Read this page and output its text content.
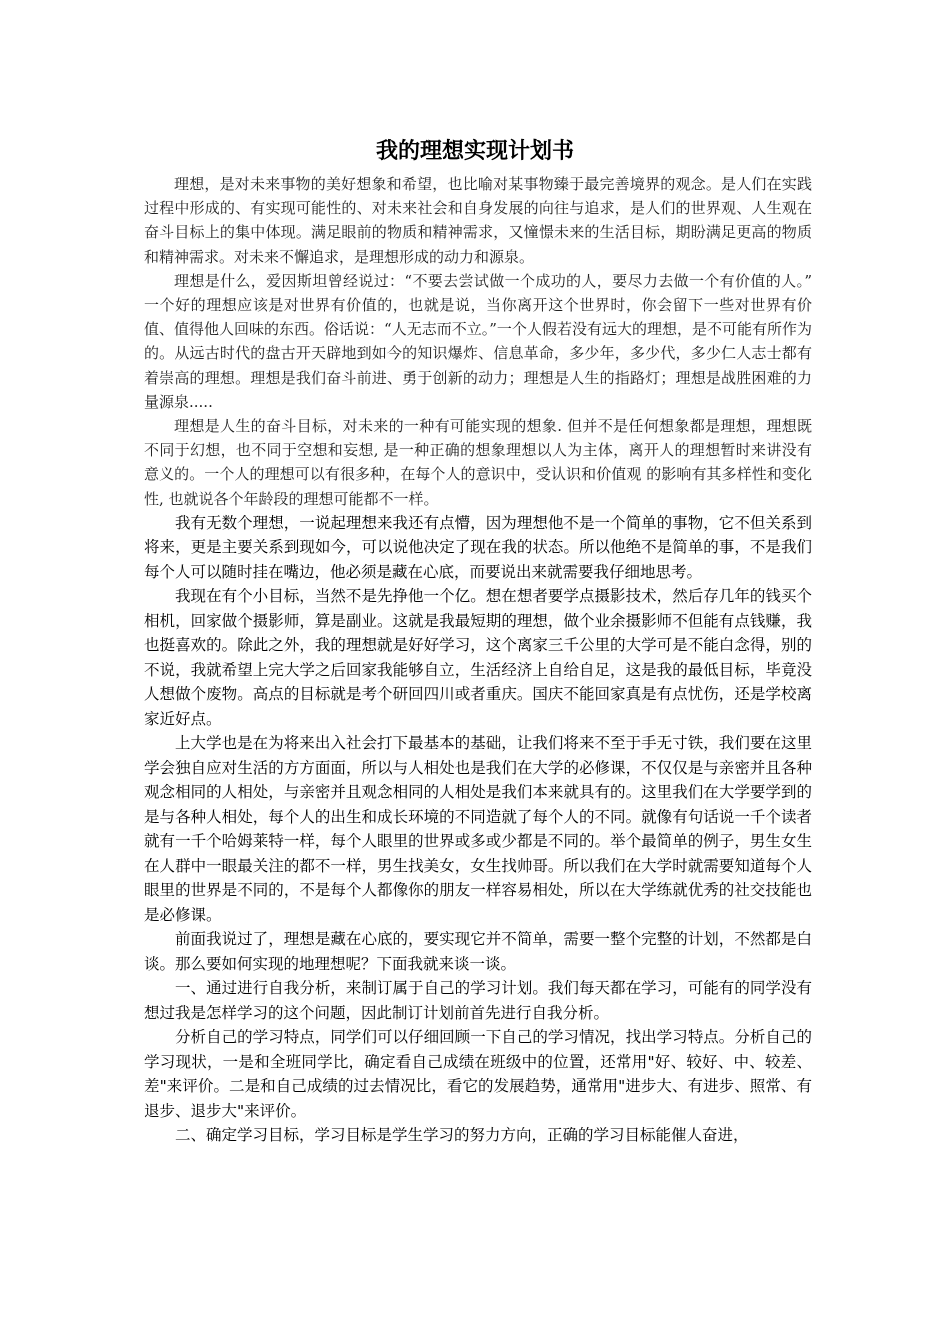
我的理想实现计划书

理想，是对未来事物的美好想象和希望，也比喻对某事物臻于最完善境界的观念。是人们在实践过程中形成的、有实现可能性的、对未来社会和自身发展的向往与追求，是人们的世界观、人生观在奋斗目标上的集中体现。满足眼前的物质和精神需求，又憧憬未来的生活目标，期盼满足更高的物质和精神需求。对未来不懈追求，是理想形成的动力和源泉。

理想是什么，爱因斯坦曾经说过：“不要去尝试做一个成功的人，要尽力去做一个有价值的人。” 一个好的理想应该是对世界有价值的，也就是说，当你离开这个世界时，你会留下一些对世界有价值、值得他人回味的东西。俗话说：“人无志而不立。”一个人假若没有远大的理想，是不可能有所作为的。从远古时代的盘古开天辟地到如今的知识爆炸、信息革命，多少年，多少代，多少仁人志士都有着崇高的理想。理想是我们奋斗前进、勇于创新的动力；理想是人生的指路灯；理想是战胜困难的力量源泉.....

理想是人生的奋斗目标，对未来的一种有可能实现的想象. 但并不是任何想象都是理想，理想既不同于幻想，也不同于空想和妄想, 是一种正确的想象理想以人为主体，离开人的理想暂时来讲没有意义的。一个人的理想可以有很多种，在每个人的意识中，受认识和价值观 的影响有其多样性和变化性, 也就说各个年龄段的理想可能都不一样。

我有无数个理想，一说起理想来我还有点懵，因为理想他不是一个简单的事物，它不但关系到将来，更是主要关系到现如今，可以说他决定了现在我的状态。所以他绝不是简单的事，不是我们每个人可以随时挂在嘴边，他必须是藏在心底，而要说出来就需要我仔细地思考。

我现在有个小目标，当然不是先挣他一个亿。想在想者要学点摄影技术，然后存几年的钱买个相机，回家做个摄影师，算是副业。这就是我最短期的理想，做个业余摄影师不但能有点钱赚，我也挺喜欢的。除此之外，我的理想就是好好学习，这个离家三千公里的大学可是不能白念得，别的不说，我就希望上完大学之后回家我能够自立，生活经济上自给自足，这是我的最低目标，毕竟没人想做个废物。高点的目标就是考个研回四川或者重庆。国庆不能回家真是有点忧伤，还是学校离家近好点。

上大学也是在为将来出入社会打下最基本的基础，让我们将来不至于手无寸铁，我们要在这里学会独自应对生活的方方面面，所以与人相处也是我们在大学的必修课，不仅仅是与亲密并且各种观念相同的人相处，与亲密并且观念相同的人相处是我们本来就具有的。这里我们在大学要学到的是与各种人相处，每个人的出生和成长环境的不同造就了每个人的不同。就像有句话说一千个读者就有一千个哈姆莱特一样，每个人眼里的世界或多或少都是不同的。举个最简单的例子，男生女生在人群中一眼最关注的都不一样，男生找美女，女生找帅哥。所以我们在大学时就需要知道每个人眼里的世界是不同的，不是每个人都像你的朋友一样容易相处，所以在大学练就优秀的社交技能也是必修课。

前面我说过了，理想是藏在心底的，要实现它并不简单，需要一整个完整的计划，不然都是白谈。那么要如何实现的地理想呢？下面我就来谈一谈。

一、通过进行自我分析，来制订属于自己的学习计划。我们每天都在学习，可能有的同学没有想过我是怎样学习的这个问题，因此制订计划前首先进行自我分析。

分析自己的学习特点，同学们可以仔细回顾一下自己的学习情况，找出学习特点。分析自己的学习现状，一是和全班同学比，确定看自己成绩在班级中的位置，还常用"好、较好、中、较差、差"来评价。二是和自己成绩的过去情况比，看它的发展趋势，通常用"进步大、有进步、照常、有退步、退步大"来评价。

二、确定学习目标，学习目标是学生学习的努力方向，正确的学习目标能催人奋进，
